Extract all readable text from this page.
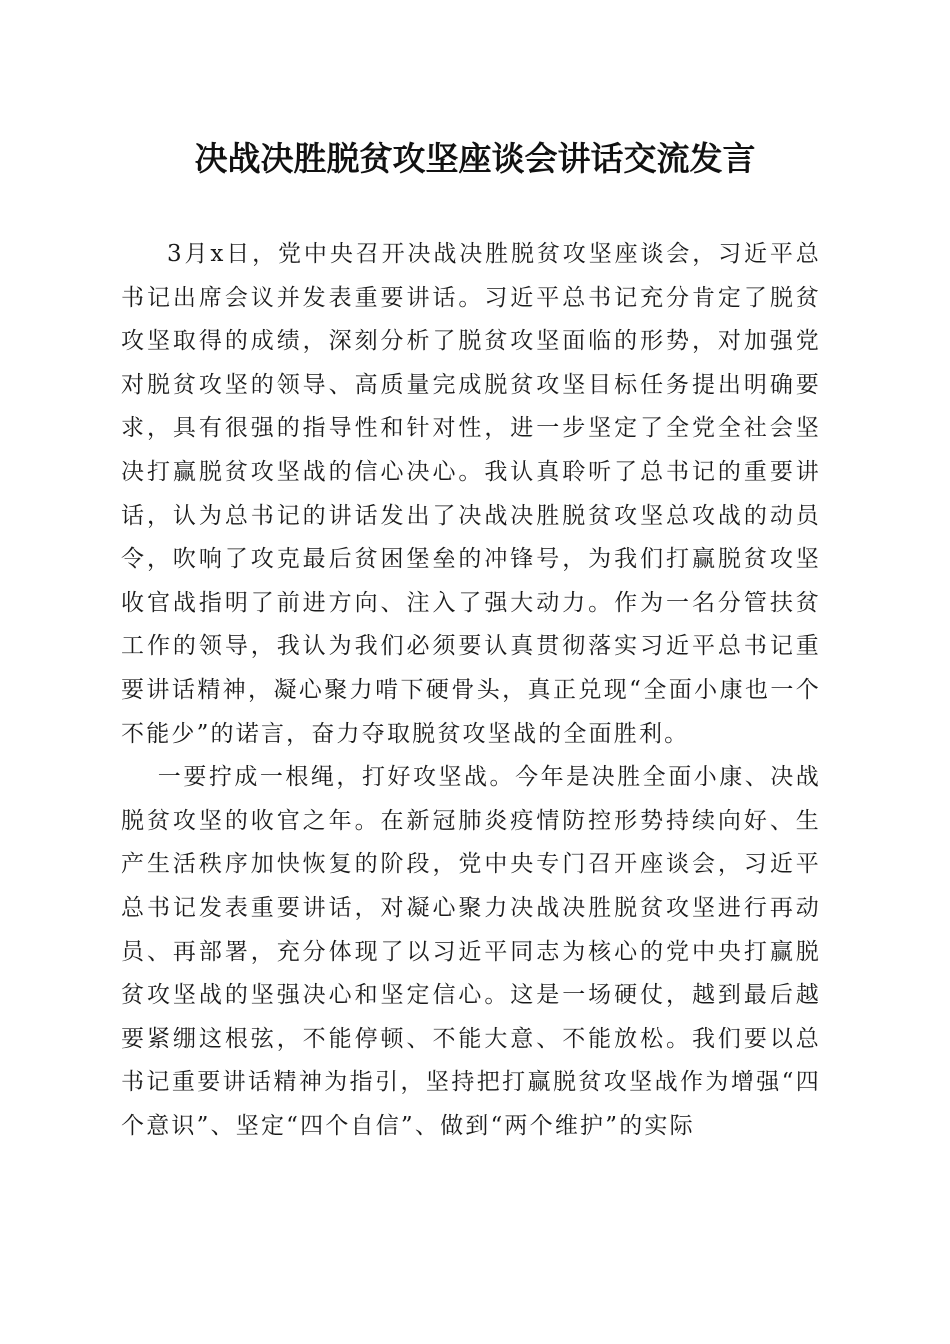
决战决胜脱贫攻坚座谈会讲话交流发言

3月x日，党中央召开决战决胜脱贫攻坚座谈会，习近平总书记出席会议并发表重要讲话。习近平总书记充分肯定了脱贫攻坚取得的成绩，深刻分析了脱贫攻坚面临的形势，对加强党对脱贫攻坚的领导、高质量完成脱贫攻坚目标任务提出明确要求，具有很强的指导性和针对性，进一步坚定了全党全社会坚决打赢脱贫攻坚战的信心决心。我认真聆听了总书记的重要讲话，认为总书记的讲话发出了决战决胜脱贫攻坚总攻战的动员令，吹响了攻克最后贫困堡垒的冲锋号，为我们打赢脱贫攻坚收官战指明了前进方向、注入了强大动力。作为一名分管扶贫工作的领导，我认为我们必须要认真贯彻落实习近平总书记重要讲话精神，凝心聚力啃下硬骨头，真正兑现“全面小康也一个不能少”的诺言，奋力夺取脱贫攻坚战的全面胜利。

一要拧成一根绳，打好攻坚战。今年是决胜全面小康、决战脱贫攻坚的收官之年。在新冠肺炎疫情防控形势持续向好、生产生活秩序加快恢复的阶段，党中央专门召开座谈会，习近平总书记发表重要讲话，对凝心聚力决战决胜脱贫攻坚进行再动员、再部署，充分体现了以习近平同志为核心的党中央打赢脱贫攻坚战的坚强决心和坚定信心。这是一场硬仗，越到最后越要紧绷这根弦，不能停顿、不能大意、不能放松。我们要以总书记重要讲话精神为指引，坚持把打赢脱贫攻坚战作为增强“四个意识”、坚定“四个自信”、做到“两个维护”的实际
